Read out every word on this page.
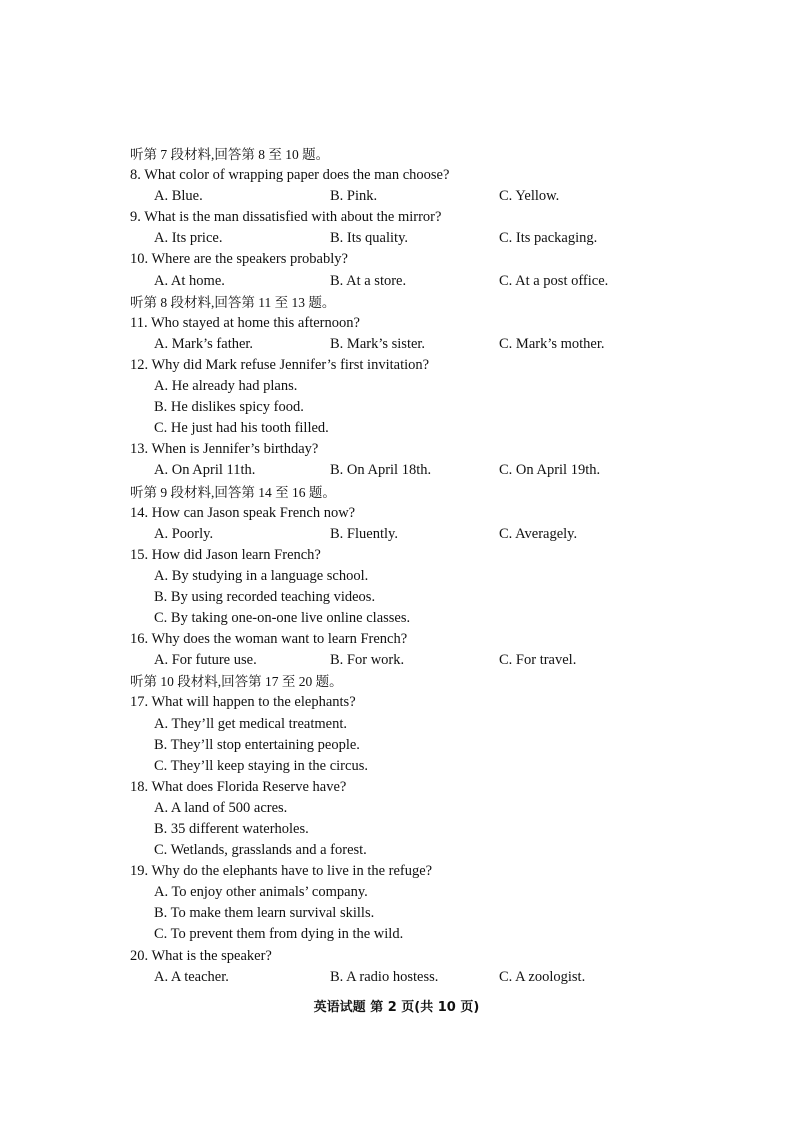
听第 7 段材料,回答第 8 至 10 题。
8. What color of wrapping paper does the man choose?
A. Blue.	B. Pink.	C. Yellow.
9. What is the man dissatisfied with about the mirror?
A. Its price.	B. Its quality.	C. Its packaging.
10. Where are the speakers probably?
A. At home.	B. At a store.	C. At a post office.
听第 8 段材料,回答第 11 至 13 题。
11. Who stayed at home this afternoon?
A. Mark’s father.	B. Mark’s sister.	C. Mark’s mother.
12. Why did Mark refuse Jennifer’s first invitation?
A. He already had plans.
B. He dislikes spicy food.
C. He just had his tooth filled.
13. When is Jennifer’s birthday?
A. On April 11th.	B. On April 18th.	C. On April 19th.
听第 9 段材料,回答第 14 至 16 题。
14. How can Jason speak French now?
A. Poorly.	B. Fluently.	C. Averagely.
15. How did Jason learn French?
A. By studying in a language school.
B. By using recorded teaching videos.
C. By taking one-on-one live online classes.
16. Why does the woman want to learn French?
A. For future use.	B. For work.	C. For travel.
听第 10 段材料,回答第 17 至 20 题。
17. What will happen to the elephants?
A. They’ll get medical treatment.
B. They’ll stop entertaining people.
C. They’ll keep staying in the circus.
18. What does Florida Reserve have?
A. A land of 500 acres.
B. 35 different waterholes.
C. Wetlands, grasslands and a forest.
19. Why do the elephants have to live in the refuge?
A. To enjoy other animals’ company.
B. To make them learn survival skills.
C. To prevent them from dying in the wild.
20. What is the speaker?
A. A teacher.	B. A radio hostess.	C. A zoologist.
英语试题 第 2 页(共 10 页)
